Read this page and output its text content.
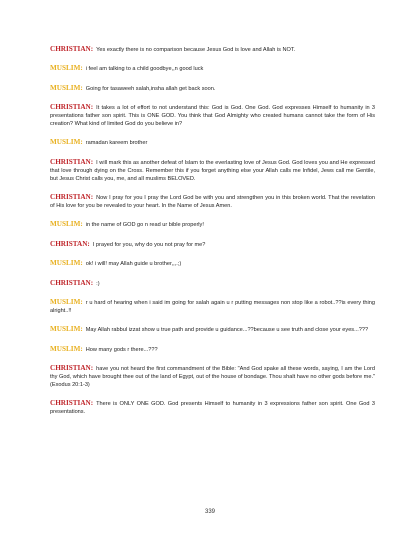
CHRISTIAN: Yes exactly there is no comparison because Jesus God is love and Allah is NOT.

MUSLIM: i feel am talking to a child goodbye,,n good luck

MUSLIM: Going for tasaweeh salah,insha allah get back soon.

CHRISTIAN: It takes a lot of effort to not understand this: God is God. One God. God expresses Himself to humanity in 3 presentations father son spirit. This is ONE GOD. You think that God Almighty who created humans cannot take the form of His creation? What kind of limited God do you believe in?

MUSLIM: ramadan kareem brother

CHRISTIAN: I will mark this as another defeat of Islam to the everlasting love of Jesus God. God loves you and He expressed that love through dying on the Cross. Remember this if you forget anything else your Allah calls me Infidel, Jews call me Gentile, but Jesus Christ calls you, me, and all muslims BELOVED.

CHRISTIAN: Now I pray for you I pray the Lord God be with you and strengthen you in this broken world. That the revelation of His love for you be revealed to your heart. In the Name of Jesus Amen.

MUSLIM: in the name of GOD go n read ur bible properly!

CHRISTAN: I prayed for you, why do you not pray for me?

MUSLIM: ok! i will! may Allah guide u brother,,,.;)

CHRISTIAN: :)

MUSLIM: r u hard of hearing when i said im going for salah again u r putting messages non stop like a robot..??is every thing alright..!!

MUSLIM: May Allah rabbul izzat show u true path and provide u guidance...??because u see truth and close your eyes...???

MUSLIM: How many gods r there...???

CHRISTIAN: have you not heard the first commandment of the Bible: "And God spake all these words, saying, I am the Lord thy God, which have brought thee out of the land of Egypt, out of the house of bondage. Thou shalt have no other gods before me." (Exodus 20:1-3)

CHRISTIAN: There is ONLY ONE GOD. God presents Himself to humanity in 3 expressions father son spirit. One God 3 presentations.

339
